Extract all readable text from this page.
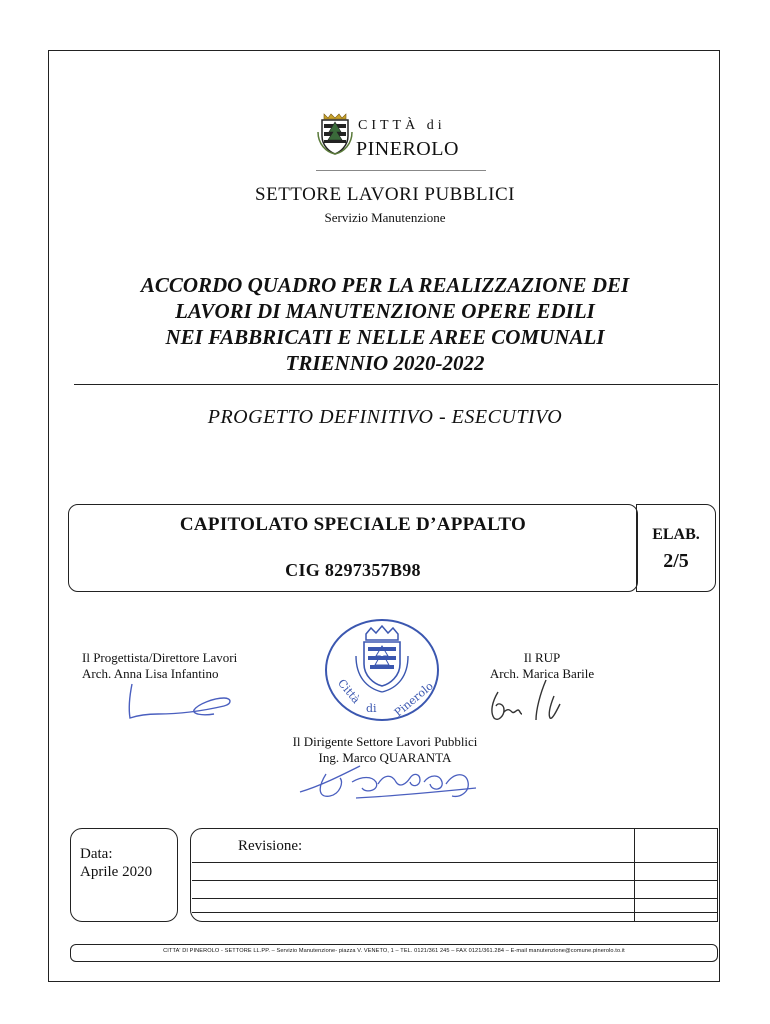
CITTÀ di
PINEROLO
SETTORE LAVORI PUBBLICI
Servizio Manutenzione
ACCORDO QUADRO PER LA REALIZZAZIONE DEI
LAVORI DI MANUTENZIONE OPERE EDILI
NEI FABBRICATI E NELLE AREE COMUNALI
TRIENNIO 2020-2022
PROGETTO DEFINITIVO - ESECUTIVO
CAPITOLATO SPECIALE D’APPALTO
CIG 8297357B98
ELAB.
2/5
Il Progettista/Direttore Lavori
Arch. Anna Lisa Infantino
Il RUP
Arch. Marica Barile
Città
di Pinerolo
Il Dirigente Settore Lavori Pubblici
Ing. Marco QUARANTA
Data:
Aprile 2020
Revisione:
CITTA' DI PINEROLO - SETTORE LL.PP. – Servizio Manutenzione- piazza V. VENETO, 1 – TEL. 0121/361 245 – FAX 0121/361.284 – E-mail manutenzione@comune.pinerolo.to.it
